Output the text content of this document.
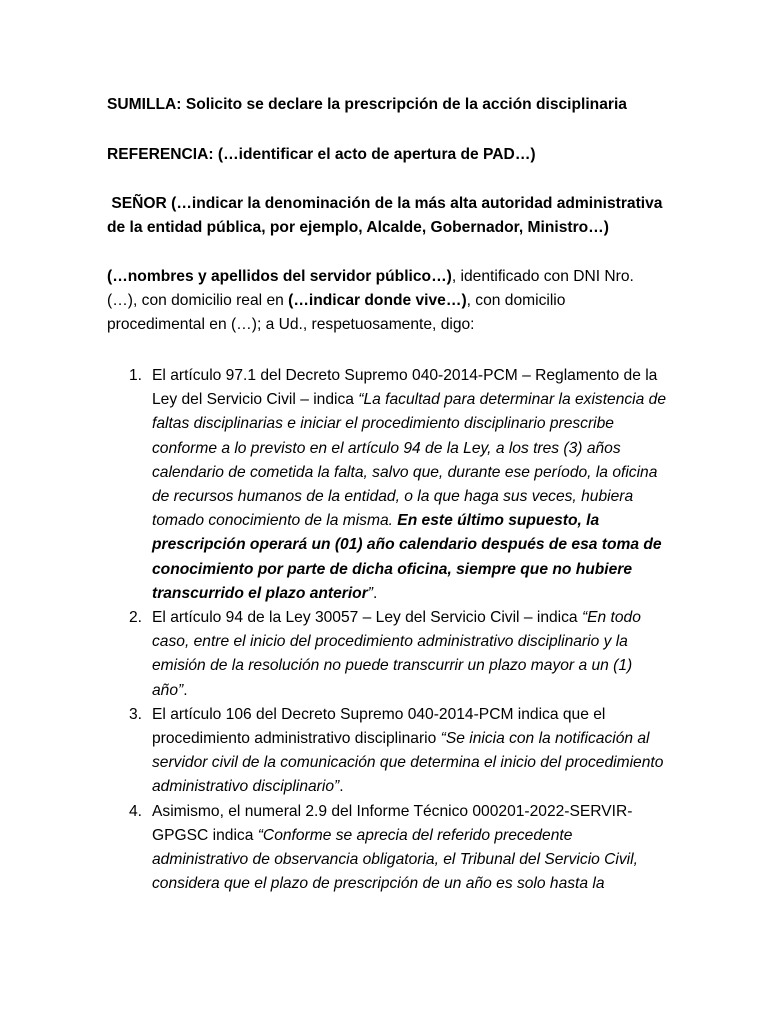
SUMILLA: Solicito se declare la prescripción de la acción disciplinaria

REFERENCIA: (…identificar el acto de apertura de PAD…)

SEÑOR (…indicar la denominación de la más alta autoridad administrativa de la entidad pública, por ejemplo, Alcalde, Gobernador, Ministro…)

(…nombres y apellidos del servidor público…), identificado con DNI Nro. (…), con domicilio real en (…indicar donde vive…), con domicilio procedimental en (…); a Ud., respetuosamente, digo:

1. El artículo 97.1 del Decreto Supremo 040-2014-PCM – Reglamento de la Ley del Servicio Civil – indica “La facultad para determinar la existencia de faltas disciplinarias e iniciar el procedimiento disciplinario prescribe conforme a lo previsto en el artículo 94 de la Ley, a los tres (3) años calendario de cometida la falta, salvo que, durante ese período, la oficina de recursos humanos de la entidad, o la que haga sus veces, hubiera tomado conocimiento de la misma. En este último supuesto, la prescripción operará un (01) año calendario después de esa toma de conocimiento por parte de dicha oficina, siempre que no hubiere transcurrido el plazo anterior”.
2. El artículo 94 de la Ley 30057 – Ley del Servicio Civil – indica “En todo caso, entre el inicio del procedimiento administrativo disciplinario y la emisión de la resolución no puede transcurrir un plazo mayor a un (1) año”.
3. El artículo 106 del Decreto Supremo 040-2014-PCM indica que el procedimiento administrativo disciplinario “Se inicia con la notificación al servidor civil de la comunicación que determina el inicio del procedimiento administrativo disciplinario”.
4. Asimismo, el numeral 2.9 del Informe Técnico 000201-2022-SERVIR-GPGSC indica “Conforme se aprecia del referido precedente administrativo de observancia obligatoria, el Tribunal del Servicio Civil, considera que el plazo de prescripción de un año es solo hasta la
